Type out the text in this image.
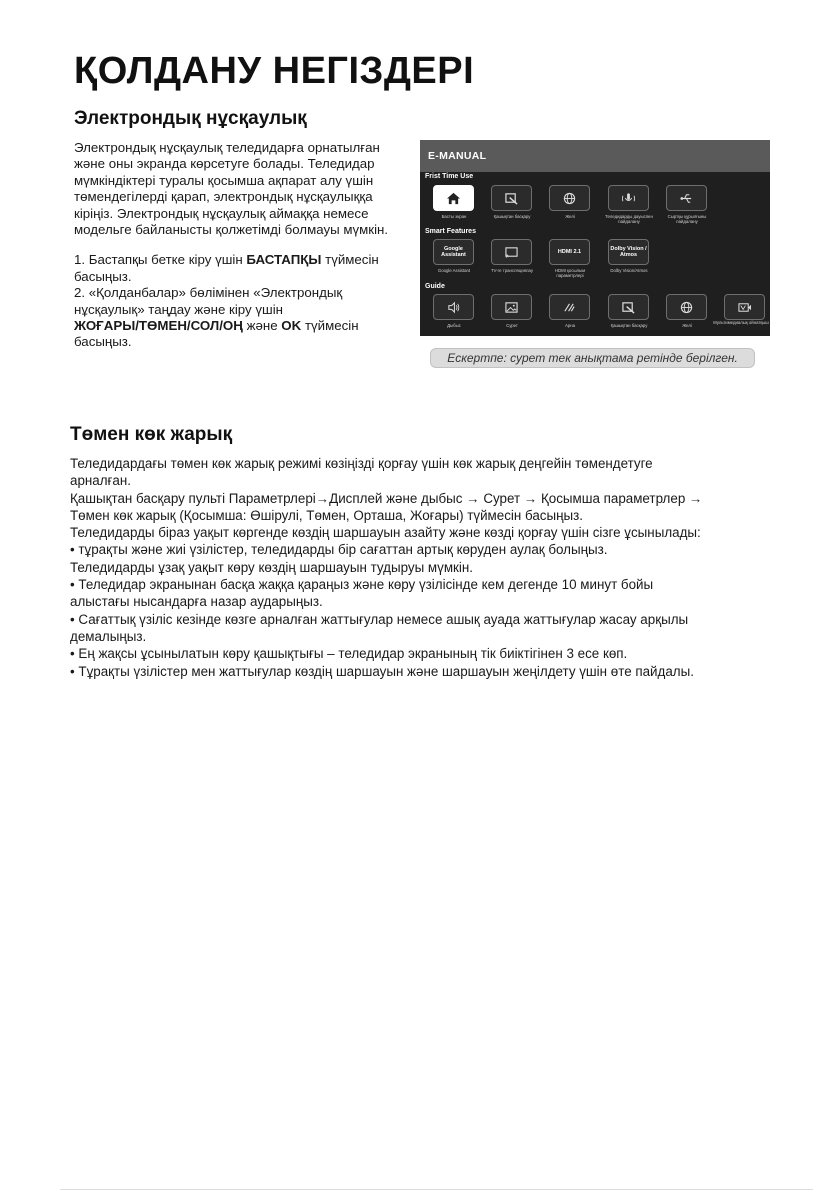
ҚОЛДАНУ НЕГІЗДЕРІ
Электрондық нұсқаулық

Электрондық нұсқаулық теледидарға орнатылған

және оны экранда көрсетуге болады. Теледидар

мүмкіндіктері туралы қосымша ақпарат алу үшін

төмендегілерді қарап, электрондық нұсқаулыққа

кіріңіз. Электрондық нұсқаулық аймаққа немесе

модельге байланысты қолжетімді болмауы мүмкін.

1. Бастапқы бетке кіру үшін БАСТАПҚЫ түймесін

басыңыз.

2. «Қолданбалар» бөлімінен «Электрондық

нұсқаулық» таңдау және кіру үшін

ЖОҒАРЫ/ТӨМЕН/СОЛ/ОҢ және OK түймесін

басыңыз.

E-MANUAL
Frist Time Use
Басты экран	Қашықтан басқару	Желі	Теледидарды дауыспен пайдалану
Сыртқы құрылғыны пайдалану
Smart Features
Google Assistant	HDMI 2.1	Dolby Vision / Atmos
Google Assistant	TV-ге трансляциялау	HDMI қосылым параметрлері
Dolby Vision/Atmos
Guide
Дыбыс	Сурет	Арна	Қашықтан басқару	Желі
Мультимедиалық ойнатқыш
Ескертпе: сурет тек анықтама ретінде берілген.
Төмен көк жарық

Теледидардағы төмен көк жарық режимі көзіңізді қорғау үшін көк жарық деңгейін төмендетуге

арналған.

Қашықтан басқару пульті Параметрлері→Дисплей және дыбыс → Сурет → Қосымша параметрлер →

Төмен көк жарық (Қосымша: Өшірулі, Төмен, Орташа, Жоғары) түймесін басыңыз.

Теледидарды біраз уақыт көргенде көздің шаршауын азайту және көзді қорғау үшін сізге ұсынылады:

• тұрақты және жиі үзілістер, теледидарды бір сағаттан артық көруден аулақ болыңыз.

Теледидарды ұзақ уақыт көру көздің шаршауын тудыруы мүмкін.

• Теледидар экранынан басқа жаққа қараңыз және көру үзілісінде кем дегенде 10 минут бойы

алыстағы нысандарға назар аударыңыз.

• Сағаттық үзіліс кезінде көзге арналған жаттығулар немесе ашық ауада жаттығулар жасау арқылы

демалыңыз.

• Ең жақсы ұсынылатын көру қашықтығы – теледидар экранының тік биіктігінен 3 есе көп.

• Тұрақты үзілістер мен жаттығулар көздің шаршауын және шаршауын жеңілдету үшін өте пайдалы.
